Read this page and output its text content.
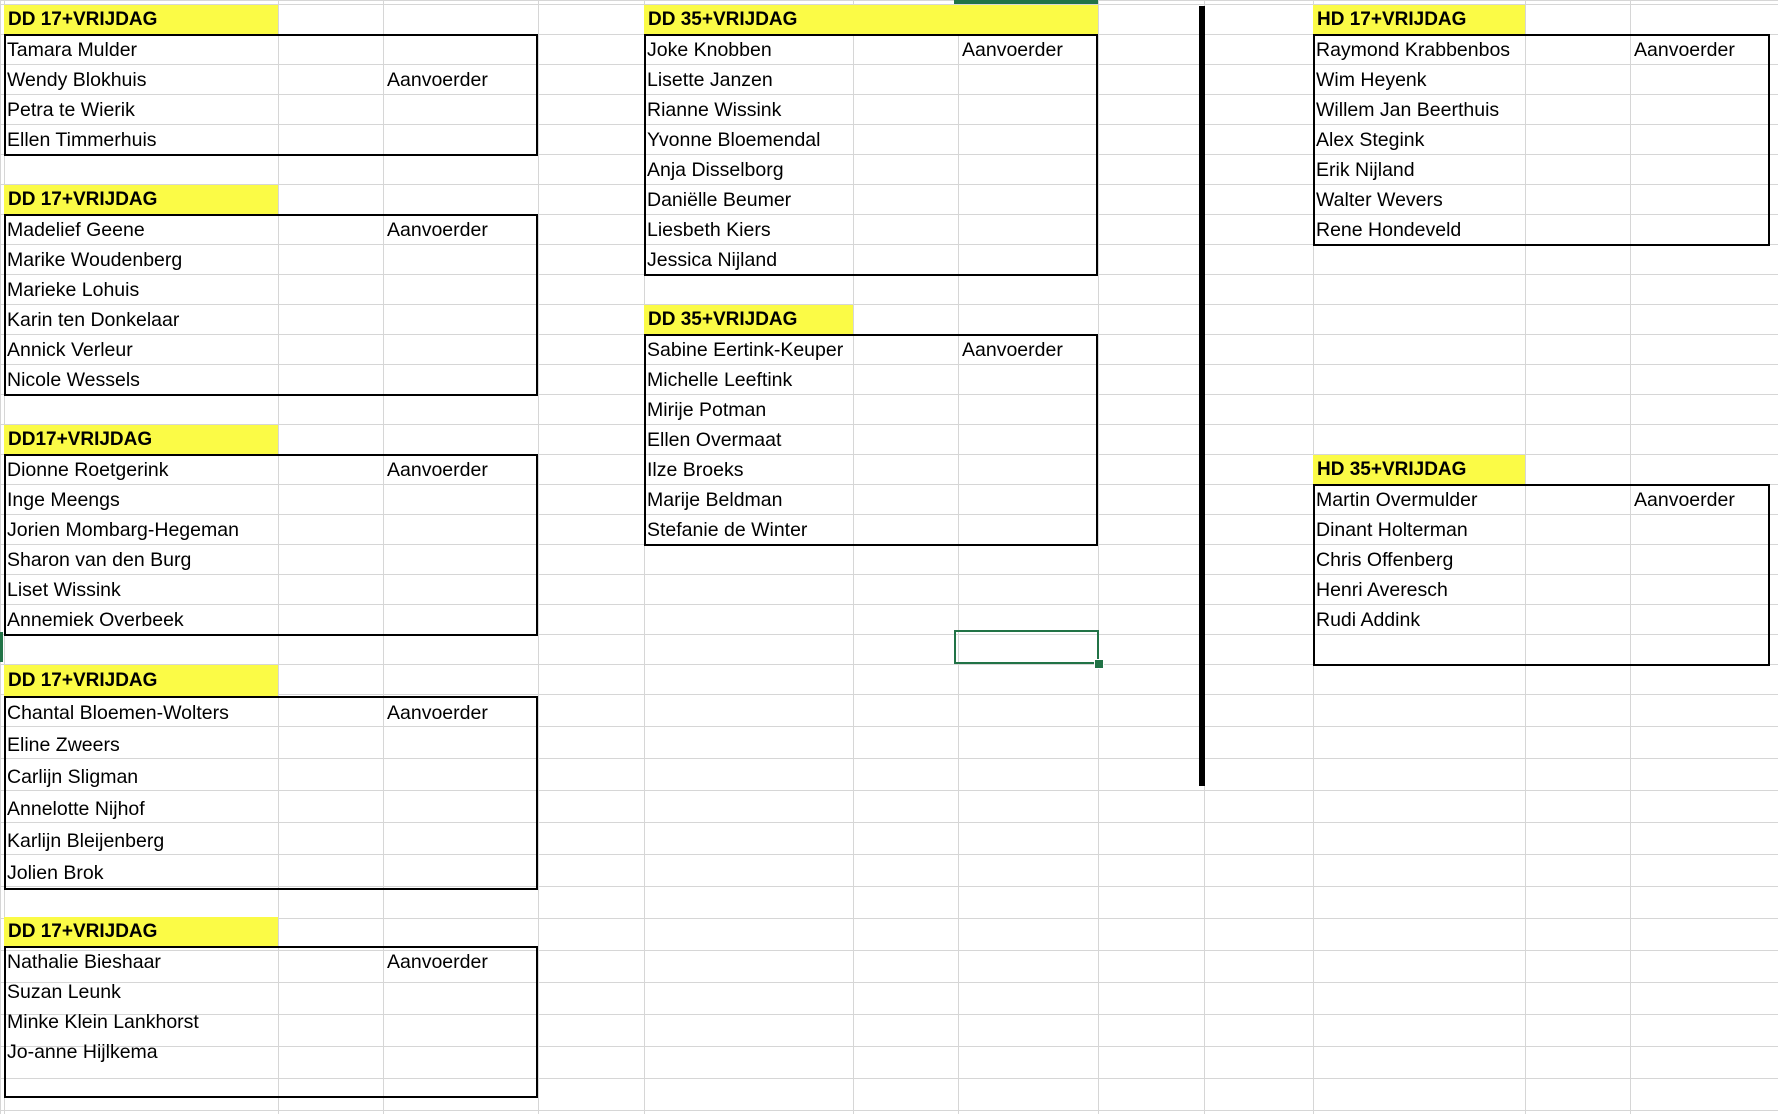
DD 17+VRIJDAG
Tamara Mulder
Wendy Blokhuis	Aanvoerder
Petra te Wierik
Ellen Timmerhuis
DD 17+VRIJDAG
Madelief Geene	Aanvoerder
Marike Woudenberg
Marieke Lohuis
Karin ten Donkelaar
Annick Verleur
Nicole Wessels
DD17+VRIJDAG
Dionne Roetgerink	Aanvoerder
Inge Meengs
Jorien Mombarg-Hegeman
Sharon van den Burg
Liset Wissink
Annemiek Overbeek
DD 17+VRIJDAG
Chantal Bloemen-Wolters	Aanvoerder
Eline Zweers
Carlijn Sligman
Annelotte Nijhof
Karlijn Bleijenberg
Jolien Brok
DD 17+VRIJDAG
Nathalie Bieshaar	Aanvoerder
Suzan Leunk
Minke Klein Lankhorst
Jo-anne Hijlkema
DD 35+VRIJDAG
Joke Knobben	Aanvoerder
Lisette Janzen
Rianne Wissink
Yvonne Bloemendal
Anja Disselborg
Daniëlle Beumer
Liesbeth Kiers
Jessica Nijland
DD 35+VRIJDAG
Sabine Eertink-Keuper	Aanvoerder
Michelle Leeftink
Mirije Potman
Ellen Overmaat
Ilze Broeks
Marije Beldman
Stefanie de Winter
HD 17+VRIJDAG
Raymond Krabbenbos	Aanvoerder
Wim Heyenk
Willem Jan Beerthuis
Alex Stegink
Erik Nijland
Walter Wevers
Rene Hondeveld
HD 35+VRIJDAG
Martin Overmulder	Aanvoerder
Dinant Holterman
Chris Offenberg
Henri Averesch
Rudi Addink
